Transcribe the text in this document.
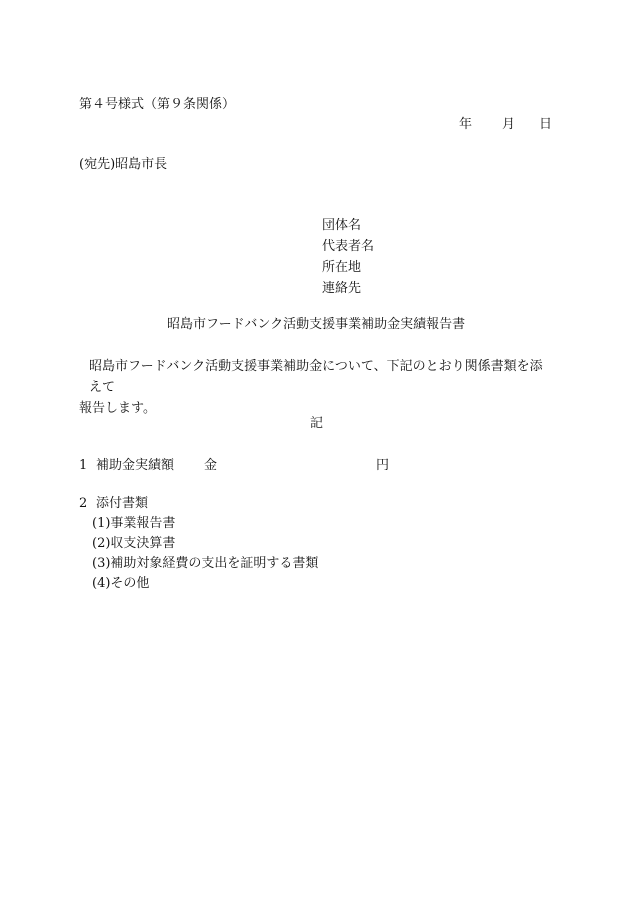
第４号様式（第９条関係）
年 月 日
(宛先)昭島市長
団体名
代表者名
所在地
連絡先
昭島市フードバンク活動支援事業補助金実績報告書
昭島市フードバンク活動支援事業補助金について、下記のとおり関係書類を添えて
報告します。
記
1 補助金実績額 金	円
2 添付書類
(1)事業報告書
(2)収支決算書
(3)補助対象経費の支出を証明する書類
(4)その他
